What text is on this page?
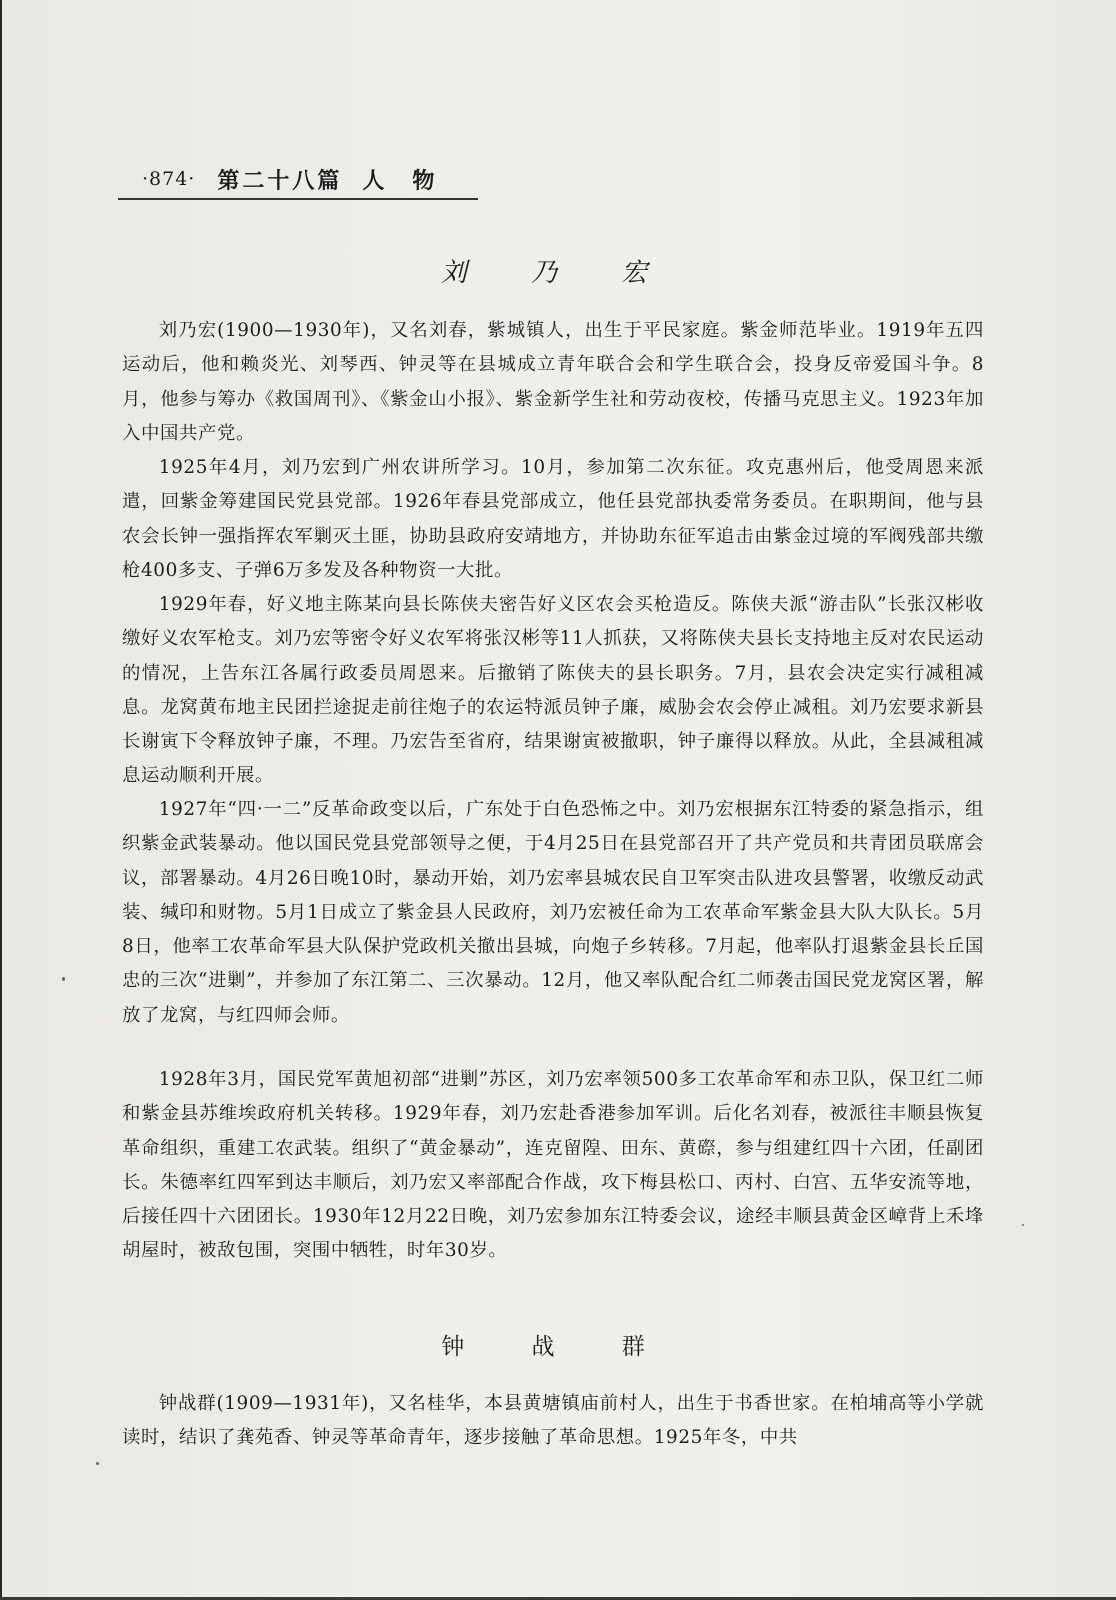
·874· 第二十八篇 人　物
刘 乃 宏

刘乃宏(1900—1930年)，又名刘春，紫城镇人，出生于平民家庭。紫金师范毕业。1919年五四运动后，他和赖炎光、刘琴西、钟灵等在县城成立青年联合会和学生联合会，投身反帝爱国斗争。8月，他参与筹办《救国周刊》、《紫金山小报》、紫金新学生社和劳动夜校，传播马克思主义。1923年加入中国共产党。

1925年4月，刘乃宏到广州农讲所学习。10月，参加第二次东征。攻克惠州后，他受周恩来派遣，回紫金筹建国民党县党部。1926年春县党部成立，他任县党部执委常务委员。在职期间，他与县农会长钟一强指挥农军剿灭土匪，协助县政府安靖地方，并协助东征军追击由紫金过境的军阀残部共缴枪400多支、子弹6万多发及各种物资一大批。

1929年春，好义地主陈某向县长陈侠夫密告好义区农会买枪造反。陈侠夫派“游击队”长张汉彬收缴好义农军枪支。刘乃宏等密令好义农军将张汉彬等11人抓获，又将陈侠夫县长支持地主反对农民运动的情况，上告东江各属行政委员周恩来。后撤销了陈侠夫的县长职务。7月，县农会决定实行减租减息。龙窝黄布地主民团拦途捉走前往炮子的农运特派员钟子廉，威胁会农会停止减租。刘乃宏要求新县长谢寅下令释放钟子廉，不理。乃宏告至省府，结果谢寅被撤职，钟子廉得以释放。从此，全县减租减息运动顺利开展。

1927年“四·一二”反革命政变以后，广东处于白色恐怖之中。刘乃宏根据东江特委的紧急指示，组织紫金武装暴动。他以国民党县党部领导之便，于4月25日在县党部召开了共产党员和共青团员联席会议，部署暴动。4月26日晚10时，暴动开始，刘乃宏率县城农民自卫军突击队进攻县警署，收缴反动武装、缄印和财物。5月1日成立了紫金县人民政府，刘乃宏被任命为工农革命军紫金县大队大队长。5月8日，他率工农革命军县大队保护党政机关撤出县城，向炮子乡转移。7月起，他率队打退紫金县长丘国忠的三次“进剿”，并参加了东江第二、三次暴动。12月，他又率队配合红二师袭击国民党龙窝区署，解放了龙窝，与红四师会师。

1928年3月，国民党军黄旭初部“进剿”苏区，刘乃宏率领500多工农革命军和赤卫队，保卫红二师和紫金县苏维埃政府机关转移。1929年春，刘乃宏赴香港参加军训。后化名刘春，被派往丰顺县恢复革命组织，重建工农武装。组织了“黄金暴动”，连克留隍、田东、黄磜，参与组建红四十六团，任副团长。朱德率红四军到达丰顺后，刘乃宏又率部配合作战，攻下梅县松口、丙村、白宫、五华安流等地，后接任四十六团团长。1930年12月22日晚，刘乃宏参加东江特委会议，途经丰顺县黄金区嶂背上禾埄胡屋时，被敌包围，突围中牺牲，时年30岁。

钟 战 群

钟战群(1909—1931年)，又名桂华，本县黄塘镇庙前村人，出生于书香世家。在柏埔高等小学就读时，结识了龚苑香、钟灵等革命青年，逐步接触了革命思想。1925年冬，中共
